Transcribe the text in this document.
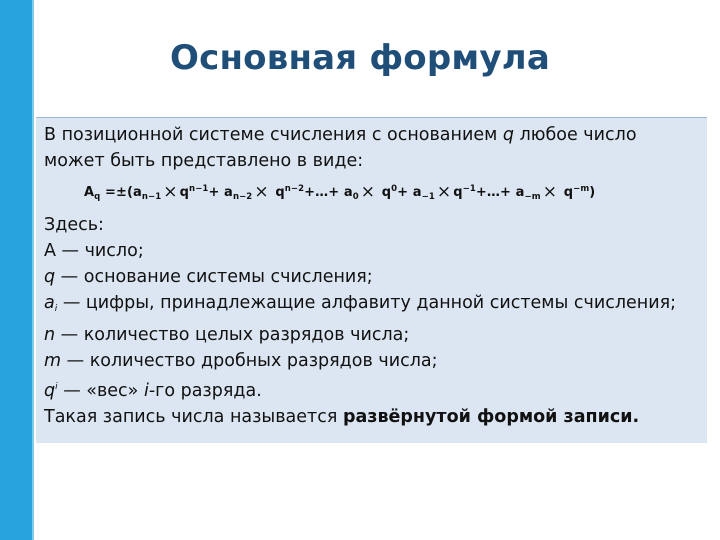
Основная формула
В позиционной системе счисления с основанием q любое число
может быть представлено в виде:
$A_q =\pm(a_{n-1} \times q^{n-1}+ a_{n-2}$ × $q^{n-2}+\dots+ a_0 \times q^0+ a_{-1}$ × $q^{-1}+\dots+ a_{-m} \times q^{-m}$)
Здесь:
A — число;
q — основание системы счисления;
ai — цифры, принадлежащие алфавиту данной системы счисления;
n — количество целых разрядов числа;
m — количество дробных разрядов числа;
$q^i$ — «вес» i-го разряда.
Такая запись числа называется развёрнутой формой записи.
